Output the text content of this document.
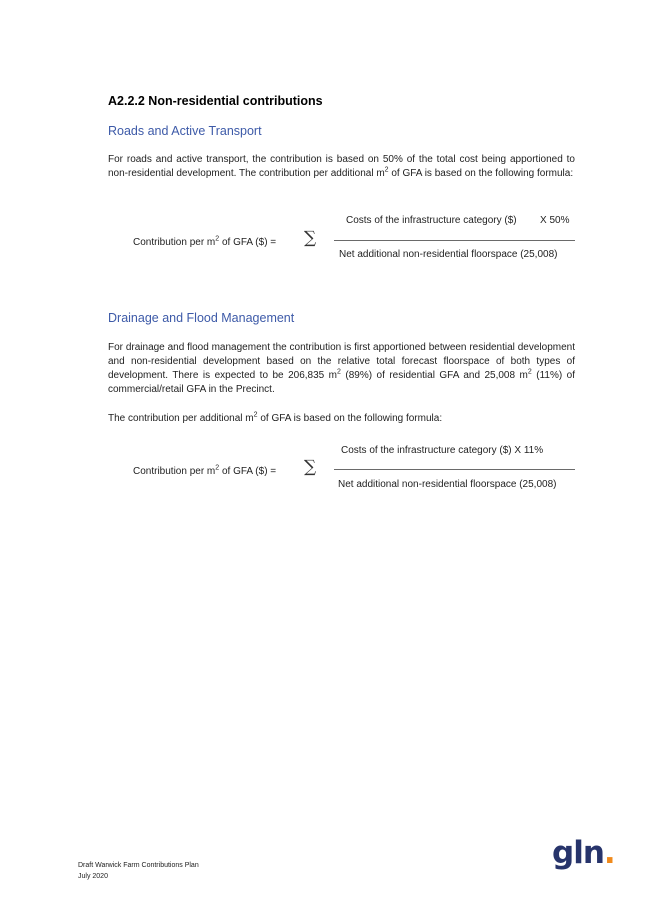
A2.2.2 Non-residential contributions
Roads and Active Transport

For roads and active transport, the contribution is based on 50% of the total cost being apportioned to non-residential development. The contribution per additional $m^2$ of GFA is based on the following formula:

Contribution per $m^2$ of GFA ($) = ∑
Costs of the infrastructure category ($) X 50%
Net additional non-residential floorspace (25,008)
Drainage and Flood Management

For drainage and flood management the contribution is first apportioned between residential development and non-residential development based on the relative total forecast floorspace of both types of development. There is expected to be 206,835 $m^2$ (89%) of residential GFA and 25,008 $m^2$ (11%) of commercial/retail GFA in the Precinct.

The contribution per additional $m^2$ of GFA is based on the following formula:

Contribution per $m^2$ of GFA ($) = ∑
Costs of the infrastructure category ($) X 11%
Net additional non-residential floorspace (25,008)
Draft Warwick Farm Contributions Plan
July 2020
gln.
